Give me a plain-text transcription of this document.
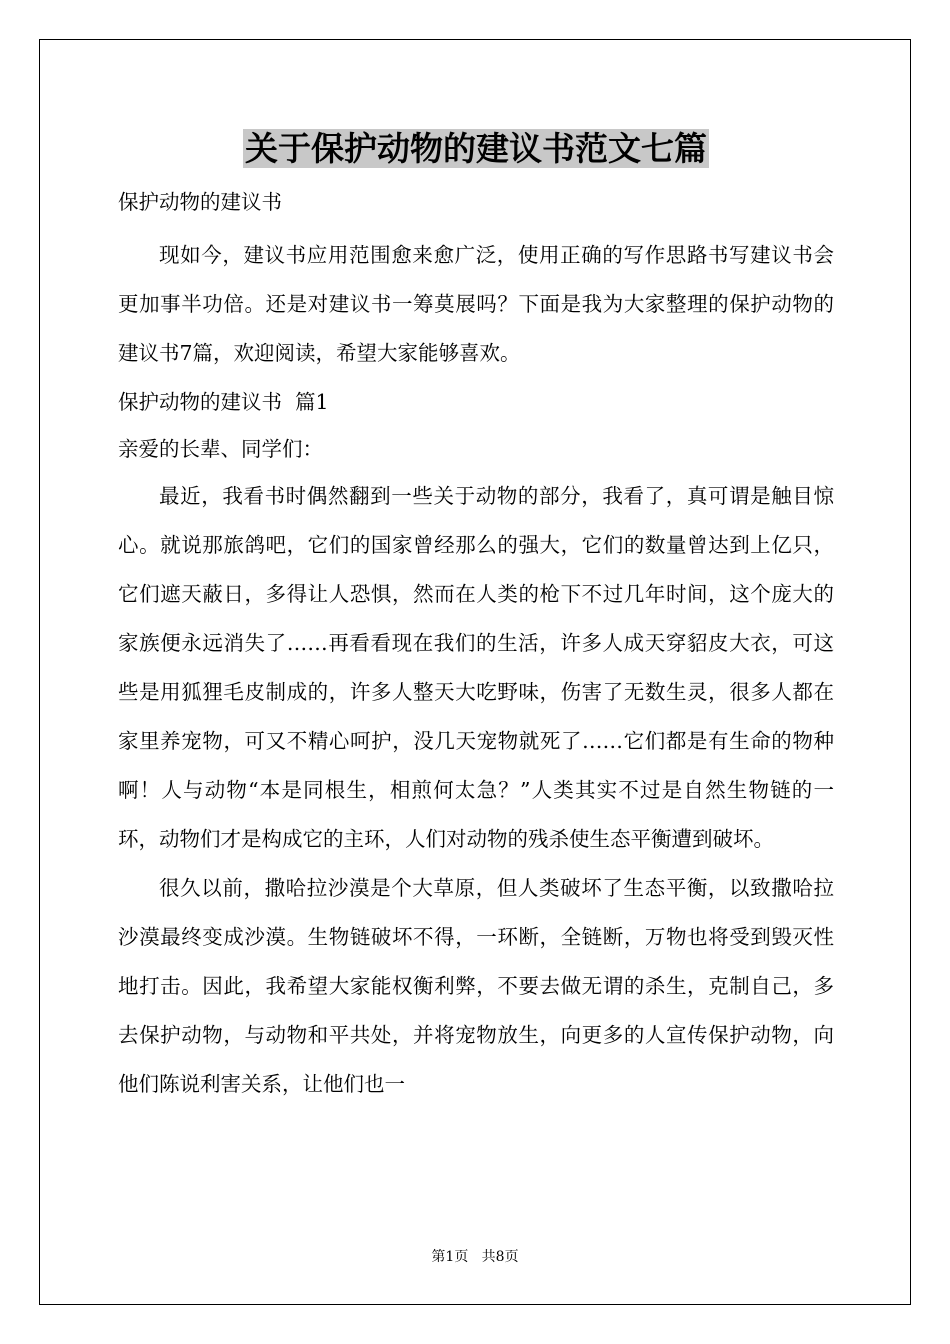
关于保护动物的建议书范文七篇

保护动物的建议书

现如今，建议书应用范围愈来愈广泛，使用正确的写作思路书写建议书会更加事半功倍。还是对建议书一筹莫展吗？下面是我为大家整理的保护动物的建议书7篇，欢迎阅读，希望大家能够喜欢。

保护动物的建议书  篇1

亲爱的长辈、同学们：

最近，我看书时偶然翻到一些关于动物的部分，我看了，真可谓是触目惊心。就说那旅鸽吧，它们的国家曾经那么的强大，它们的数量曾达到上亿只，它们遮天蔽日，多得让人恐惧，然而在人类的枪下不过几年时间，这个庞大的家族便永远消失了……再看看现在我们的生活，许多人成天穿貂皮大衣，可这些是用狐狸毛皮制成的，许多人整天大吃野味，伤害了无数生灵，很多人都在家里养宠物，可又不精心呵护，没几天宠物就死了……它们都是有生命的物种啊！人与动物“本是同根生，相煎何太急？”人类其实不过是自然生物链的一环，动物们才是构成它的主环，人们对动物的残杀使生态平衡遭到破坏。

很久以前，撒哈拉沙漠是个大草原，但人类破坏了生态平衡，以致撒哈拉沙漠最终变成沙漠。生物链破坏不得，一环断，全链断，万物也将受到毁灭性地打击。因此，我希望大家能权衡利弊，不要去做无谓的杀生，克制自己，多去保护动物，与动物和平共处，并将宠物放生，向更多的人宣传保护动物，向他们陈说利害关系，让他们也一

第1页   共8页
